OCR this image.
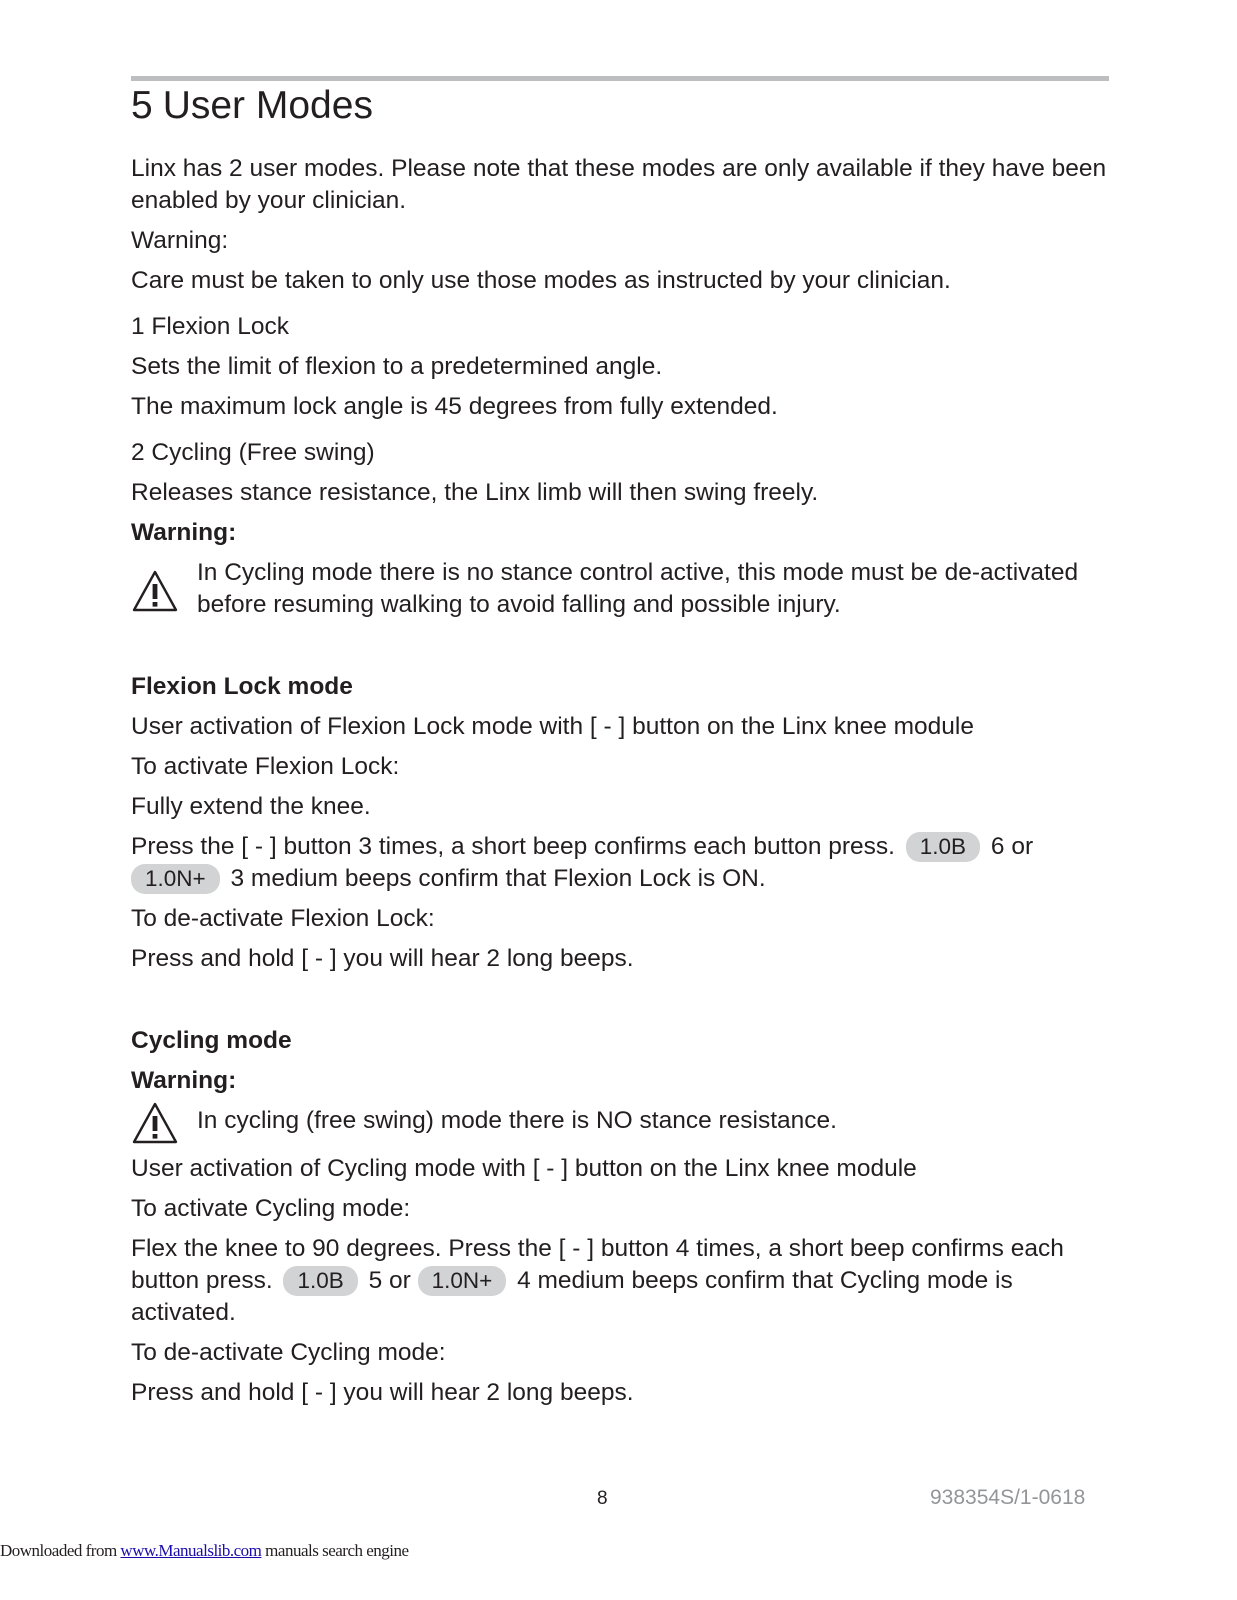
5 User Modes

Linx has 2 user modes. Please note that these modes are only available if they have been enabled by your clinician.

Warning:

Care must be taken to only use those modes as instructed by your clinician.

1 Flexion Lock

Sets the limit of flexion to a predetermined angle.

The maximum lock angle is 45 degrees from fully extended.

2 Cycling (Free swing)

Releases stance resistance, the Linx limb will then swing freely.

Warning:

In Cycling mode there is no stance control active, this mode must be de-activated before resuming walking to avoid falling and possible injury.

Flexion Lock mode

User activation of Flexion Lock mode with [ - ] button on the Linx knee module

To activate Flexion Lock:

Fully extend the knee.

Press the [ - ] button 3 times, a short beep confirms each button press. 1.0B 6 or 1.0N+ 3 medium beeps confirm that Flexion Lock is ON.

To de-activate Flexion Lock:

Press and hold [ - ] you will hear 2 long beeps.

Cycling mode

Warning:

In cycling (free swing) mode there is NO stance resistance.

User activation of Cycling mode with [ - ] button on the Linx knee module

To activate Cycling mode:

Flex the knee to 90 degrees. Press the [ - ] button 4 times, a short beep confirms each button press. 1.0B 5 or 1.0N+ 4 medium beeps confirm that Cycling mode is activated.

To de-activate Cycling mode:

Press and hold [ - ] you will hear 2 long beeps.

8	938354S/1-0618
Downloaded from www.Manualslib.com manuals search engine
